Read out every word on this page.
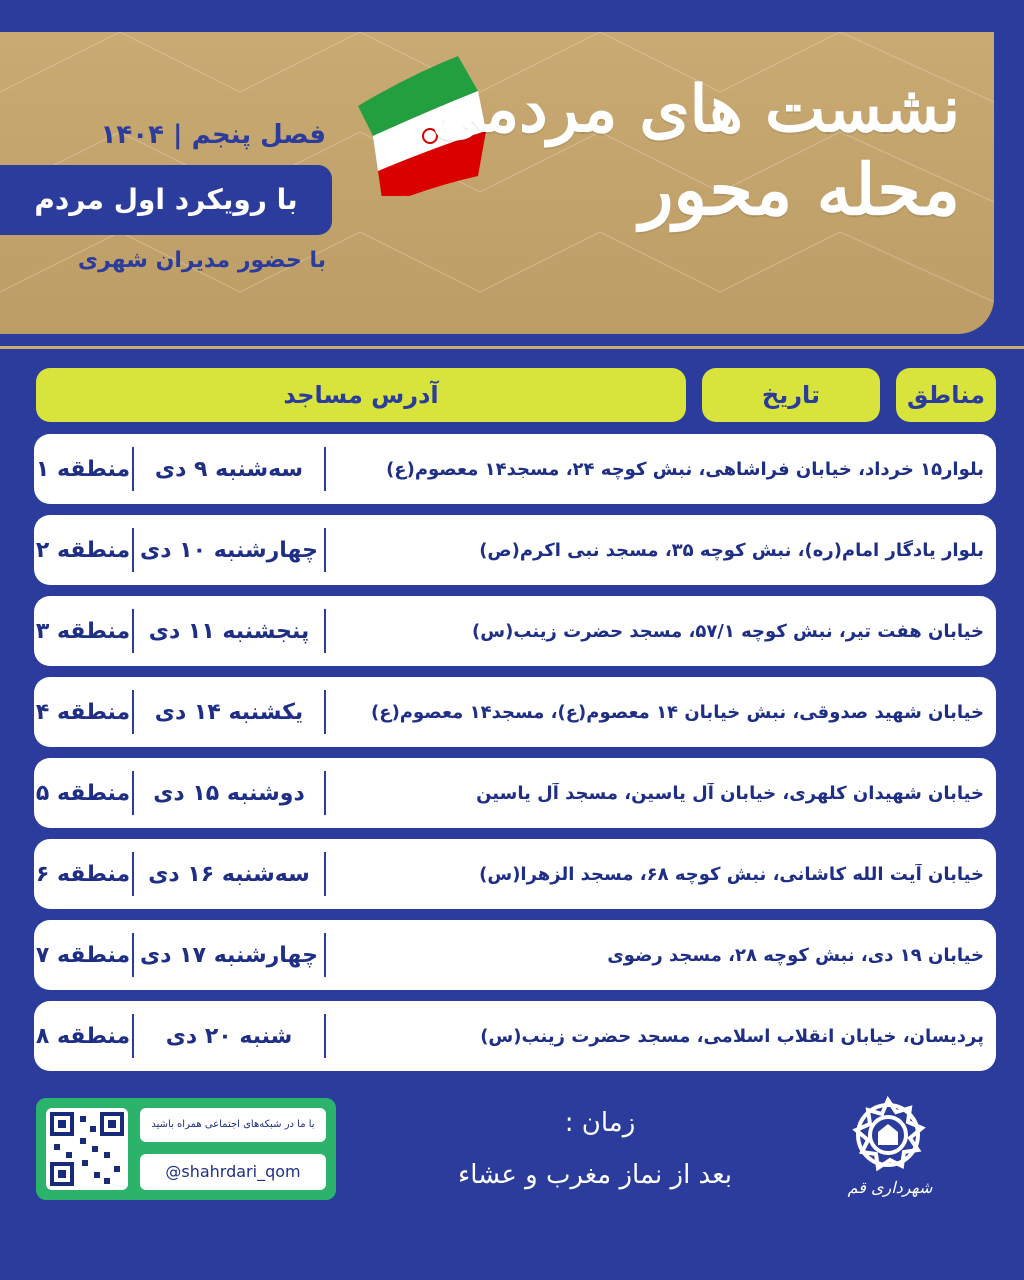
نشست های مردمی
محله محور
فصل پنجم | ۱۴۰۴
با رویکرد اول مردم
با حضور مدیران شهری
آدرس مساجد	تاریخ	مناطق
منطقه ۱	سه‌شنبه ۹ دی	بلوار۱۵ خرداد، خیابان فراشاهی، نبش کوچه ۲۴، مسجد۱۴ معصوم(ع)
منطقه ۲ چهارشنبه ۱۰ دی	بلوار یادگار امام(ره)، نبش کوچه ۳۵، مسجد نبی اکرم(ص)
منطقه ۳ پنجشنبه ۱۱ دی	خیابان هفت تیر، نبش کوچه ۵۷/۱، مسجد حضرت زینب(س)
منطقه ۴	یکشنبه ۱۴ دی	خیابان شهید صدوقی، نبش خیابان ۱۴ معصوم(ع)، مسجد۱۴ معصوم(ع)
منطقه ۵	دوشنبه ۱۵ دی	خیابان شهیدان کلهری، خیابان آل یاسین، مسجد آل یاسین
منطقه ۶ سه‌شنبه ۱۶ دی	خیابان آیت الله کاشانی، نبش کوچه ۶۸، مسجد الزهرا(س)
منطقه ۷ چهارشنبه ۱۷ دی	خیابان ۱۹ دی، نبش کوچه ۲۸، مسجد رضوی
منطقه ۸	شنبه ۲۰ دی	پردیسان، خیابان انقلاب اسلامی، مسجد حضرت زینب(س)
با ما در شبکه‌های اجتماعی همراه باشید
@shahrdari_qom
زمان :
بعد از نماز مغرب و عشاء	شهرداری قم
